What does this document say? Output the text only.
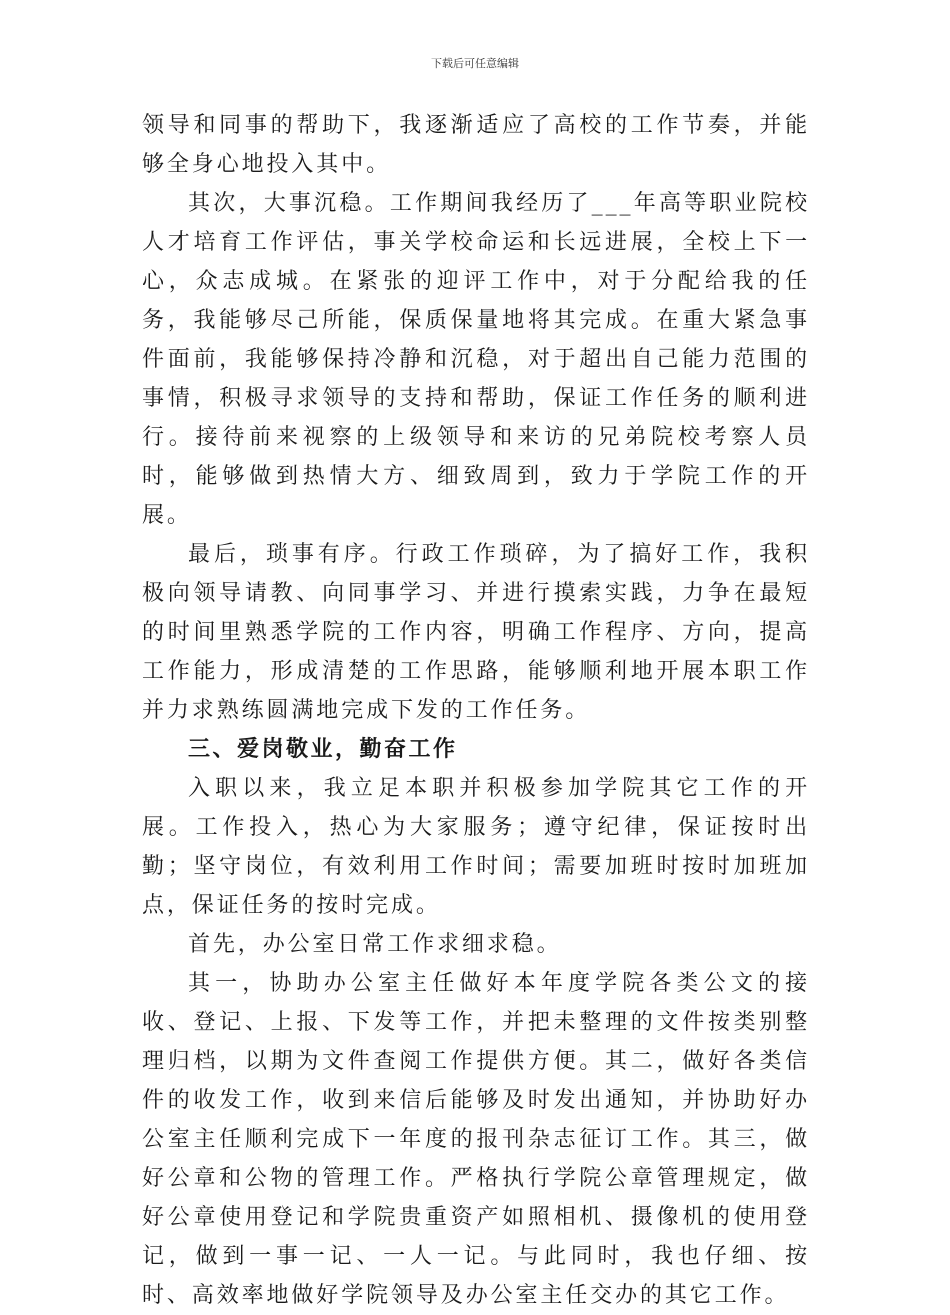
下载后可任意编辑

领导和同事的帮助下，我逐渐适应了高校的工作节奏，并能够全身心地投入其中。

其次，大事沉稳。工作期间我经历了___年高等职业院校人才培育工作评估，事关学校命运和长远进展，全校上下一心，众志成城。在紧张的迎评工作中，对于分配给我的任务，我能够尽己所能，保质保量地将其完成。在重大紧急事件面前，我能够保持冷静和沉稳，对于超出自己能力范围的事情，积极寻求领导的支持和帮助，保证工作任务的顺利进行。接待前来视察的上级领导和来访的兄弟院校考察人员时，能够做到热情大方、细致周到，致力于学院工作的开展。

最后，琐事有序。行政工作琐碎，为了搞好工作，我积极向领导请教、向同事学习、并进行摸索实践，力争在最短的时间里熟悉学院的工作内容，明确工作程序、方向，提高工作能力，形成清楚的工作思路，能够顺利地开展本职工作并力求熟练圆满地完成下发的工作任务。

三、爱岗敬业，勤奋工作

入职以来，我立足本职并积极参加学院其它工作的开展。工作投入，热心为大家服务；遵守纪律，保证按时出勤；坚守岗位，有效利用工作时间；需要加班时按时加班加点，保证任务的按时完成。

首先，办公室日常工作求细求稳。

其一，协助办公室主任做好本年度学院各类公文的接收、登记、上报、下发等工作，并把未整理的文件按类别整理归档，以期为文件查阅工作提供方便。其二，做好各类信件的收发工作，收到来信后能够及时发出通知，并协助好办公室主任顺利完成下一年度的报刊杂志征订工作。其三，做好公章和公物的管理工作。严格执行学院公章管理规定，做好公章使用登记和学院贵重资产如照相机、摄像机的使用登记，做到一事一记、一人一记。与此同时，我也仔细、按时、高效率地做好学院领导及办公室主任交办的其它工作。
